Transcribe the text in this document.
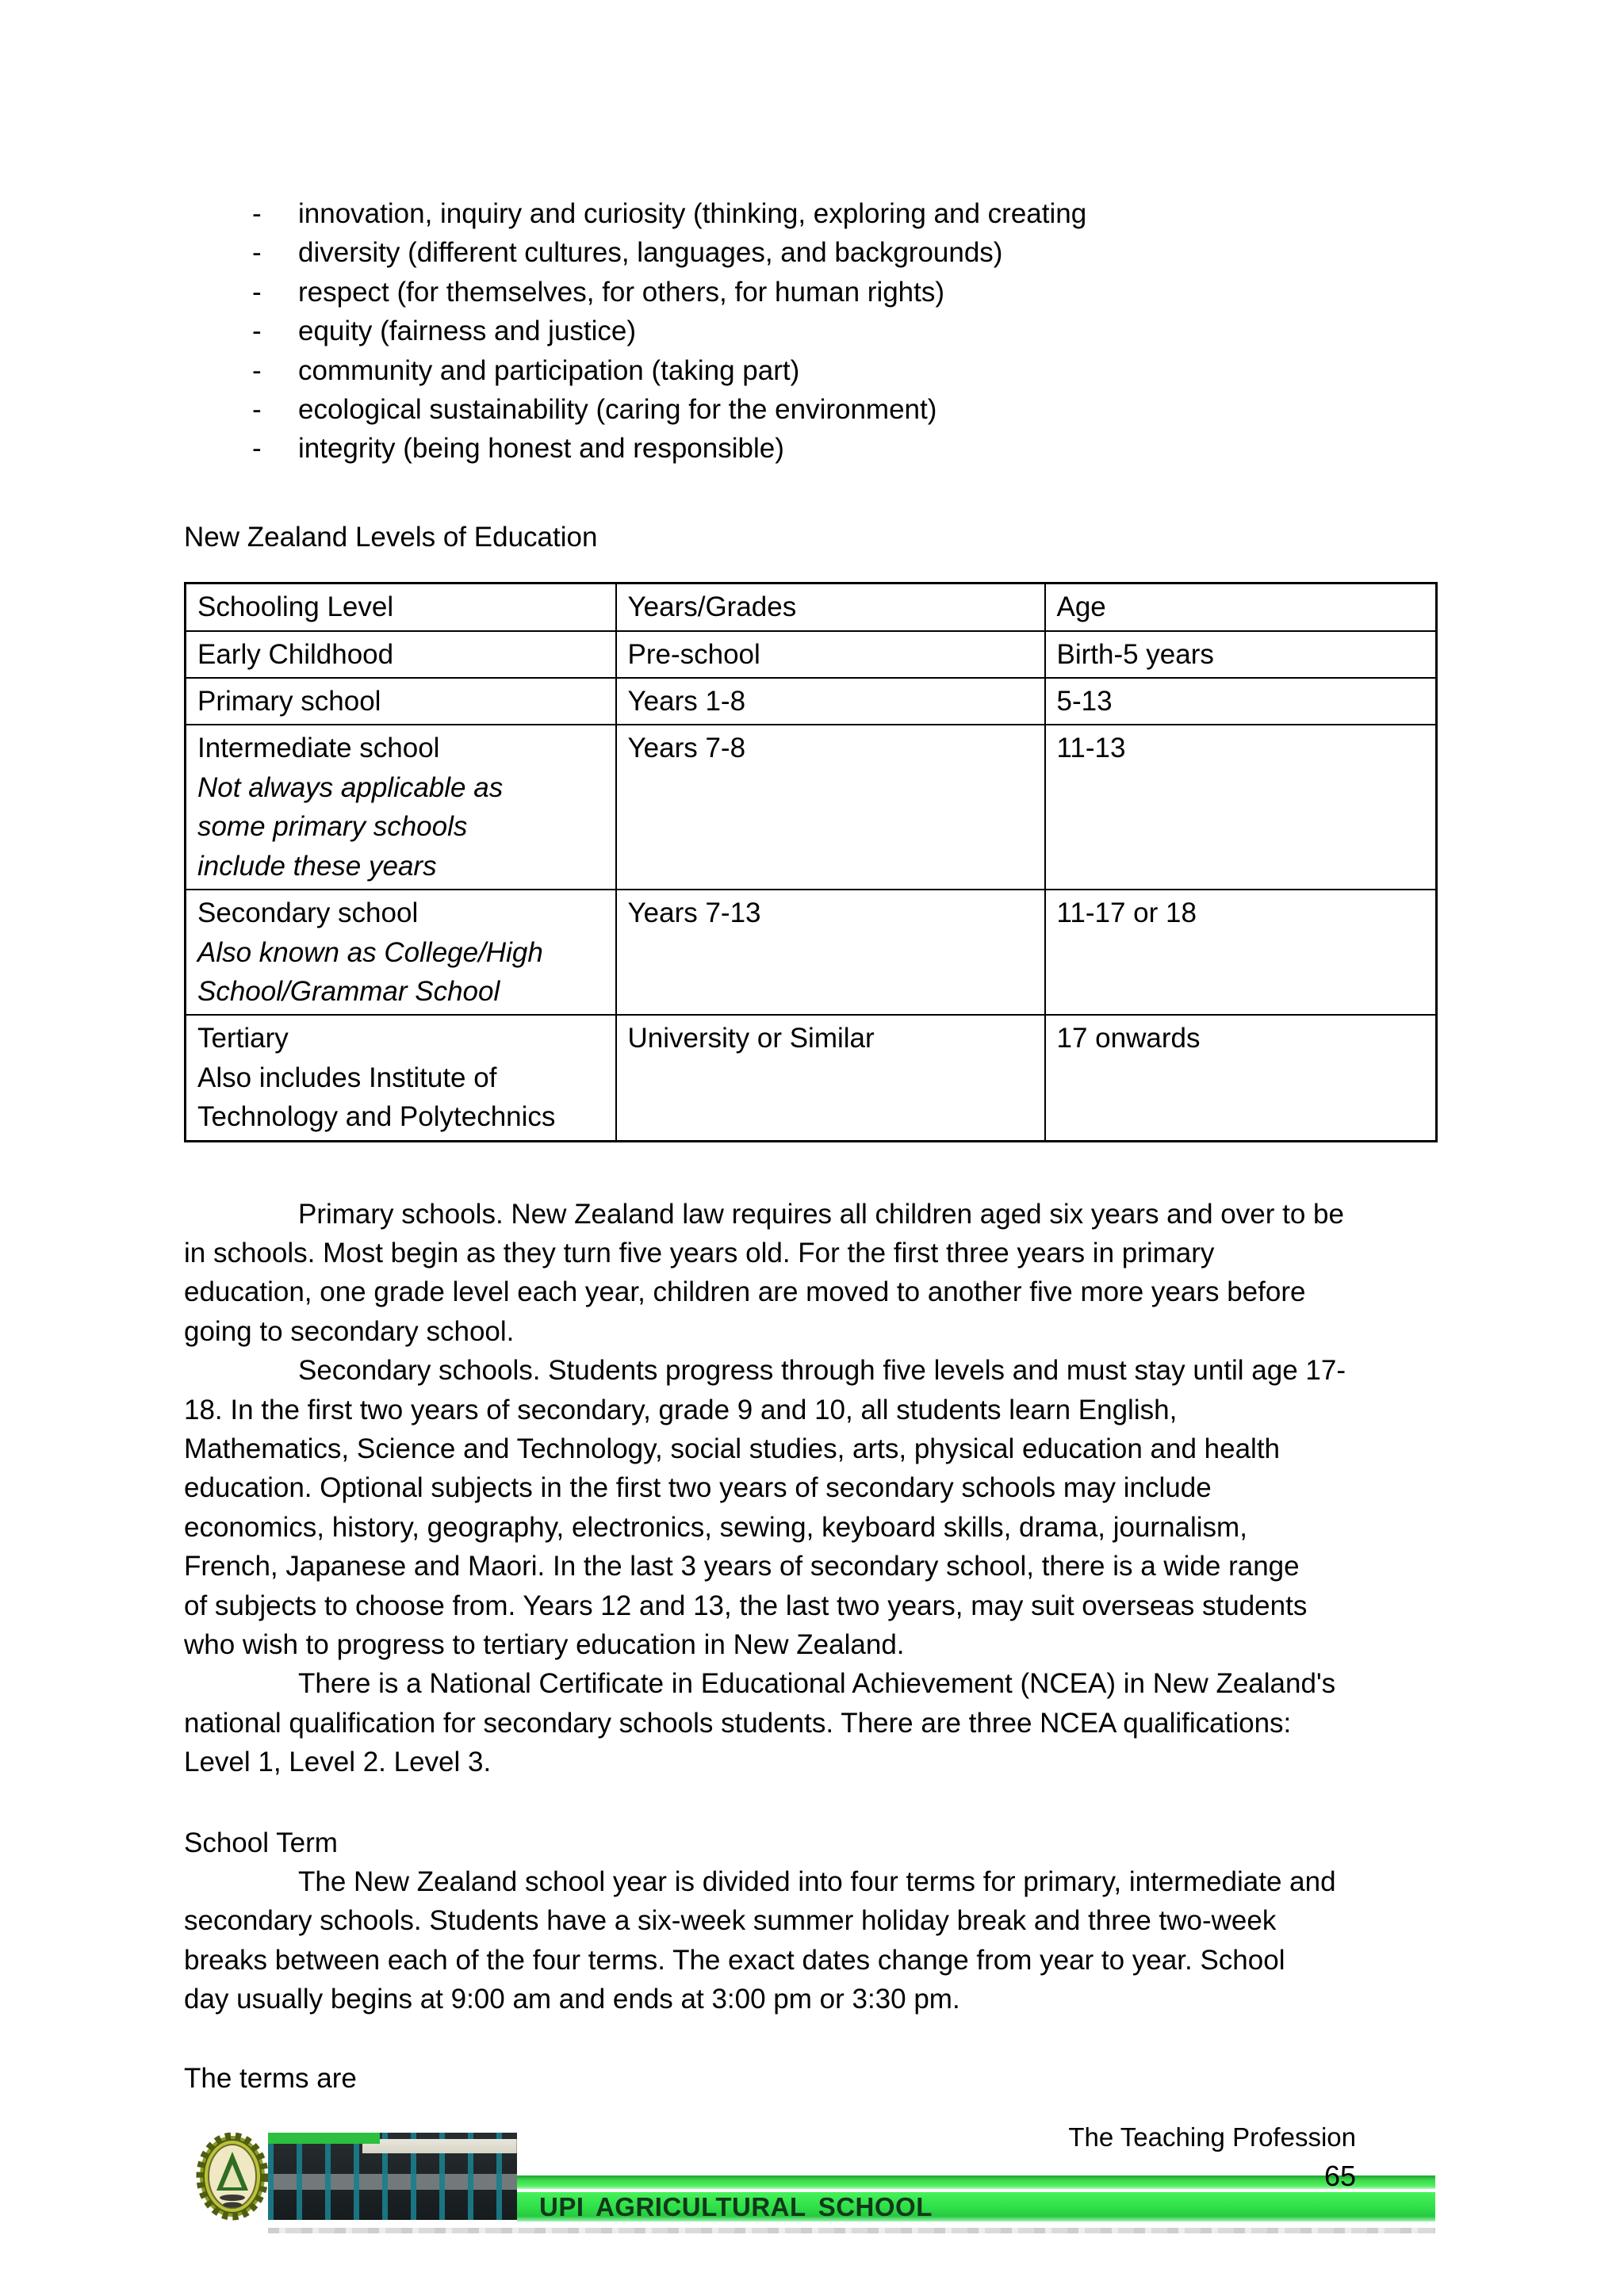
-	innovation, inquiry and curiosity (thinking, exploring and creating
-	diversity (different cultures, languages, and backgrounds)
-	respect (for themselves, for others, for human rights)
-	equity (fairness and justice)
-	community and participation (taking part)
-	ecological sustainability (caring for the environment)
-	integrity (being honest and responsible)
New Zealand Levels of Education
Schooling Level	Years/Grades	Age
Early Childhood	Pre-school	Birth-5 years
Primary school	Years 1-8	5-13

Intermediate school
Not always applicable as
some primary schools
include these years	Years 7-8	11-13

Secondary school
Also known as College/High
School/Grammar School	Years 7-13	11-17 or 18

Tertiary
Also includes Institute of
Technology and Polytechnics	University or Similar	17 onwards
Primary schools. New Zealand law requires all children aged six years and over to be
in schools. Most begin as they turn five years old. For the first three years in primary
education, one grade level each year, children are moved to another five more years before
going to secondary school.
Secondary schools. Students progress through five levels and must stay until age 17-
18. In the first two years of secondary, grade 9 and 10, all students learn English,
Mathematics, Science and Technology, social studies, arts, physical education and health
education. Optional subjects in the first two years of secondary schools may include
economics, history, geography, electronics, sewing, keyboard skills, drama, journalism,
French, Japanese and Maori. In the last 3 years of secondary school, there is a wide range
of subjects to choose from. Years 12 and 13, the last two years, may suit overseas students
who wish to progress to tertiary education in New Zealand.
There is a National Certificate in Educational Achievement (NCEA) in New Zealand's
national qualification for secondary schools students. There are three NCEA qualifications:
Level 1, Level 2. Level 3.
School Term
The New Zealand school year is divided into four terms for primary, intermediate and
secondary schools. Students have a six-week summer holiday break and three two-week
breaks between each of the four terms. The exact dates change from year to year. School
day usually begins at 9:00 am and ends at 3:00 pm or 3:30 pm.
The terms are
The Teaching Profession
65
UPI AGRICULTURAL SCHOOL
